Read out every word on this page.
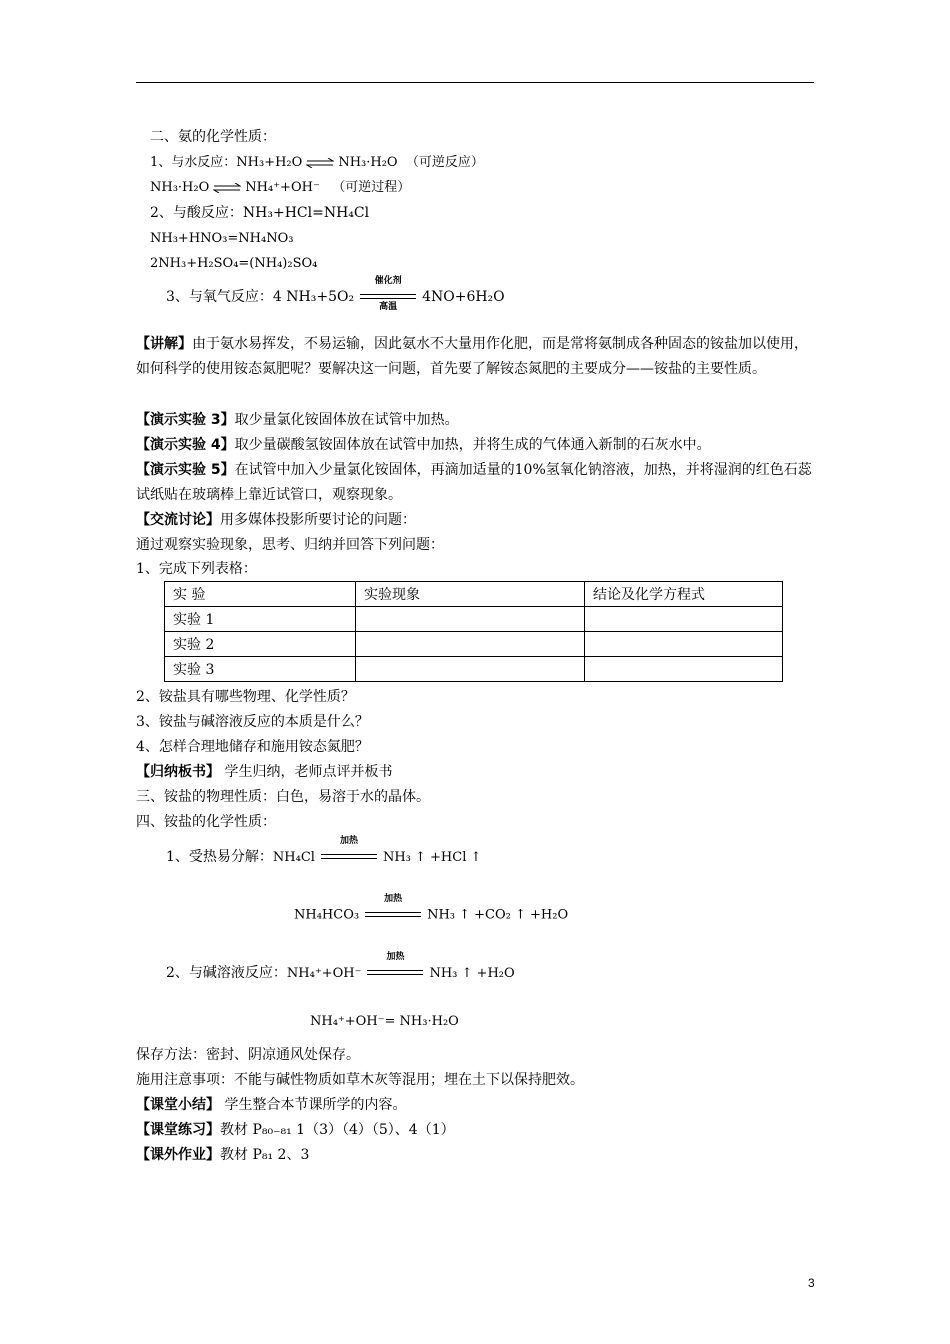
二、氨的化学性质：
1、与水反应：NH₃+H₂O ⇌ NH₃·H₂O （可逆反应）
NH₃·H₂O ⇌ NH₄⁺+OH⁻ （可逆过程）
2、与酸反应：NH₃+HCl=NH₄Cl
NH₃+HNO₃=NH₄NO₃
2NH₃+H₂SO₄=(NH₄)₂SO₄
3、与氧气反应：4 NH₃+5O₂
催化剂
高温
4NO+6H₂O
【讲解】由于氨水易挥发，不易运输，因此氨水不大量用作化肥，而是常将氨制成各种固态的铵盐加以使用，如何科学的使用铵态氮肥呢？要解决这一问题，首先要了解铵态氮肥的主要成分——铵盐的主要性质。
【演示实验 3】取少量氯化铵固体放在试管中加热。
【演示实验 4】取少量碳酸氢铵固体放在试管中加热，并将生成的气体通入新制的石灰水中。
【演示实验 5】在试管中加入少量氯化铵固体，再滴加适量的10%氢氧化钠溶液，加热，并将湿润的红色石蕊试纸贴在玻璃棒上靠近试管口，观察现象。
【交流讨论】用多媒体投影所要讨论的问题：
通过观察实验现象，思考、归纳并回答下列问题：
1、完成下列表格：
实 验	实验现象	结论及化学方程式
实验 1		
实验 2		
实验 3		
2、铵盐具有哪些物理、化学性质？
3、铵盐与碱溶液反应的本质是什么？
4、怎样合理地储存和施用铵态氮肥？
【归纳板书】 学生归纳，老师点评并板书
三、铵盐的物理性质：白色，易溶于水的晶体。
四、铵盐的化学性质：
1、受热易分解：NH₄Cl
加热
NH₃ ↑ +HCl ↑
NH₄HCO₃
加热
NH₃ ↑ +CO₂ ↑ +H₂O
2、与碱溶液反应：NH₄⁺+OH⁻
加热
NH₃ ↑ +H₂O
NH₄⁺+OH⁻= NH₃·H₂O
保存方法：密封、阴凉通风处保存。
施用注意事项：不能与碱性物质如草木灰等混用；埋在土下以保持肥效。
【课堂小结】 学生整合本节课所学的内容。
【课堂练习】教材 P₈₀₋₈₁ 1（3）（4）（5）、4（1）
【课外作业】教材 P₈₁ 2、3
3
